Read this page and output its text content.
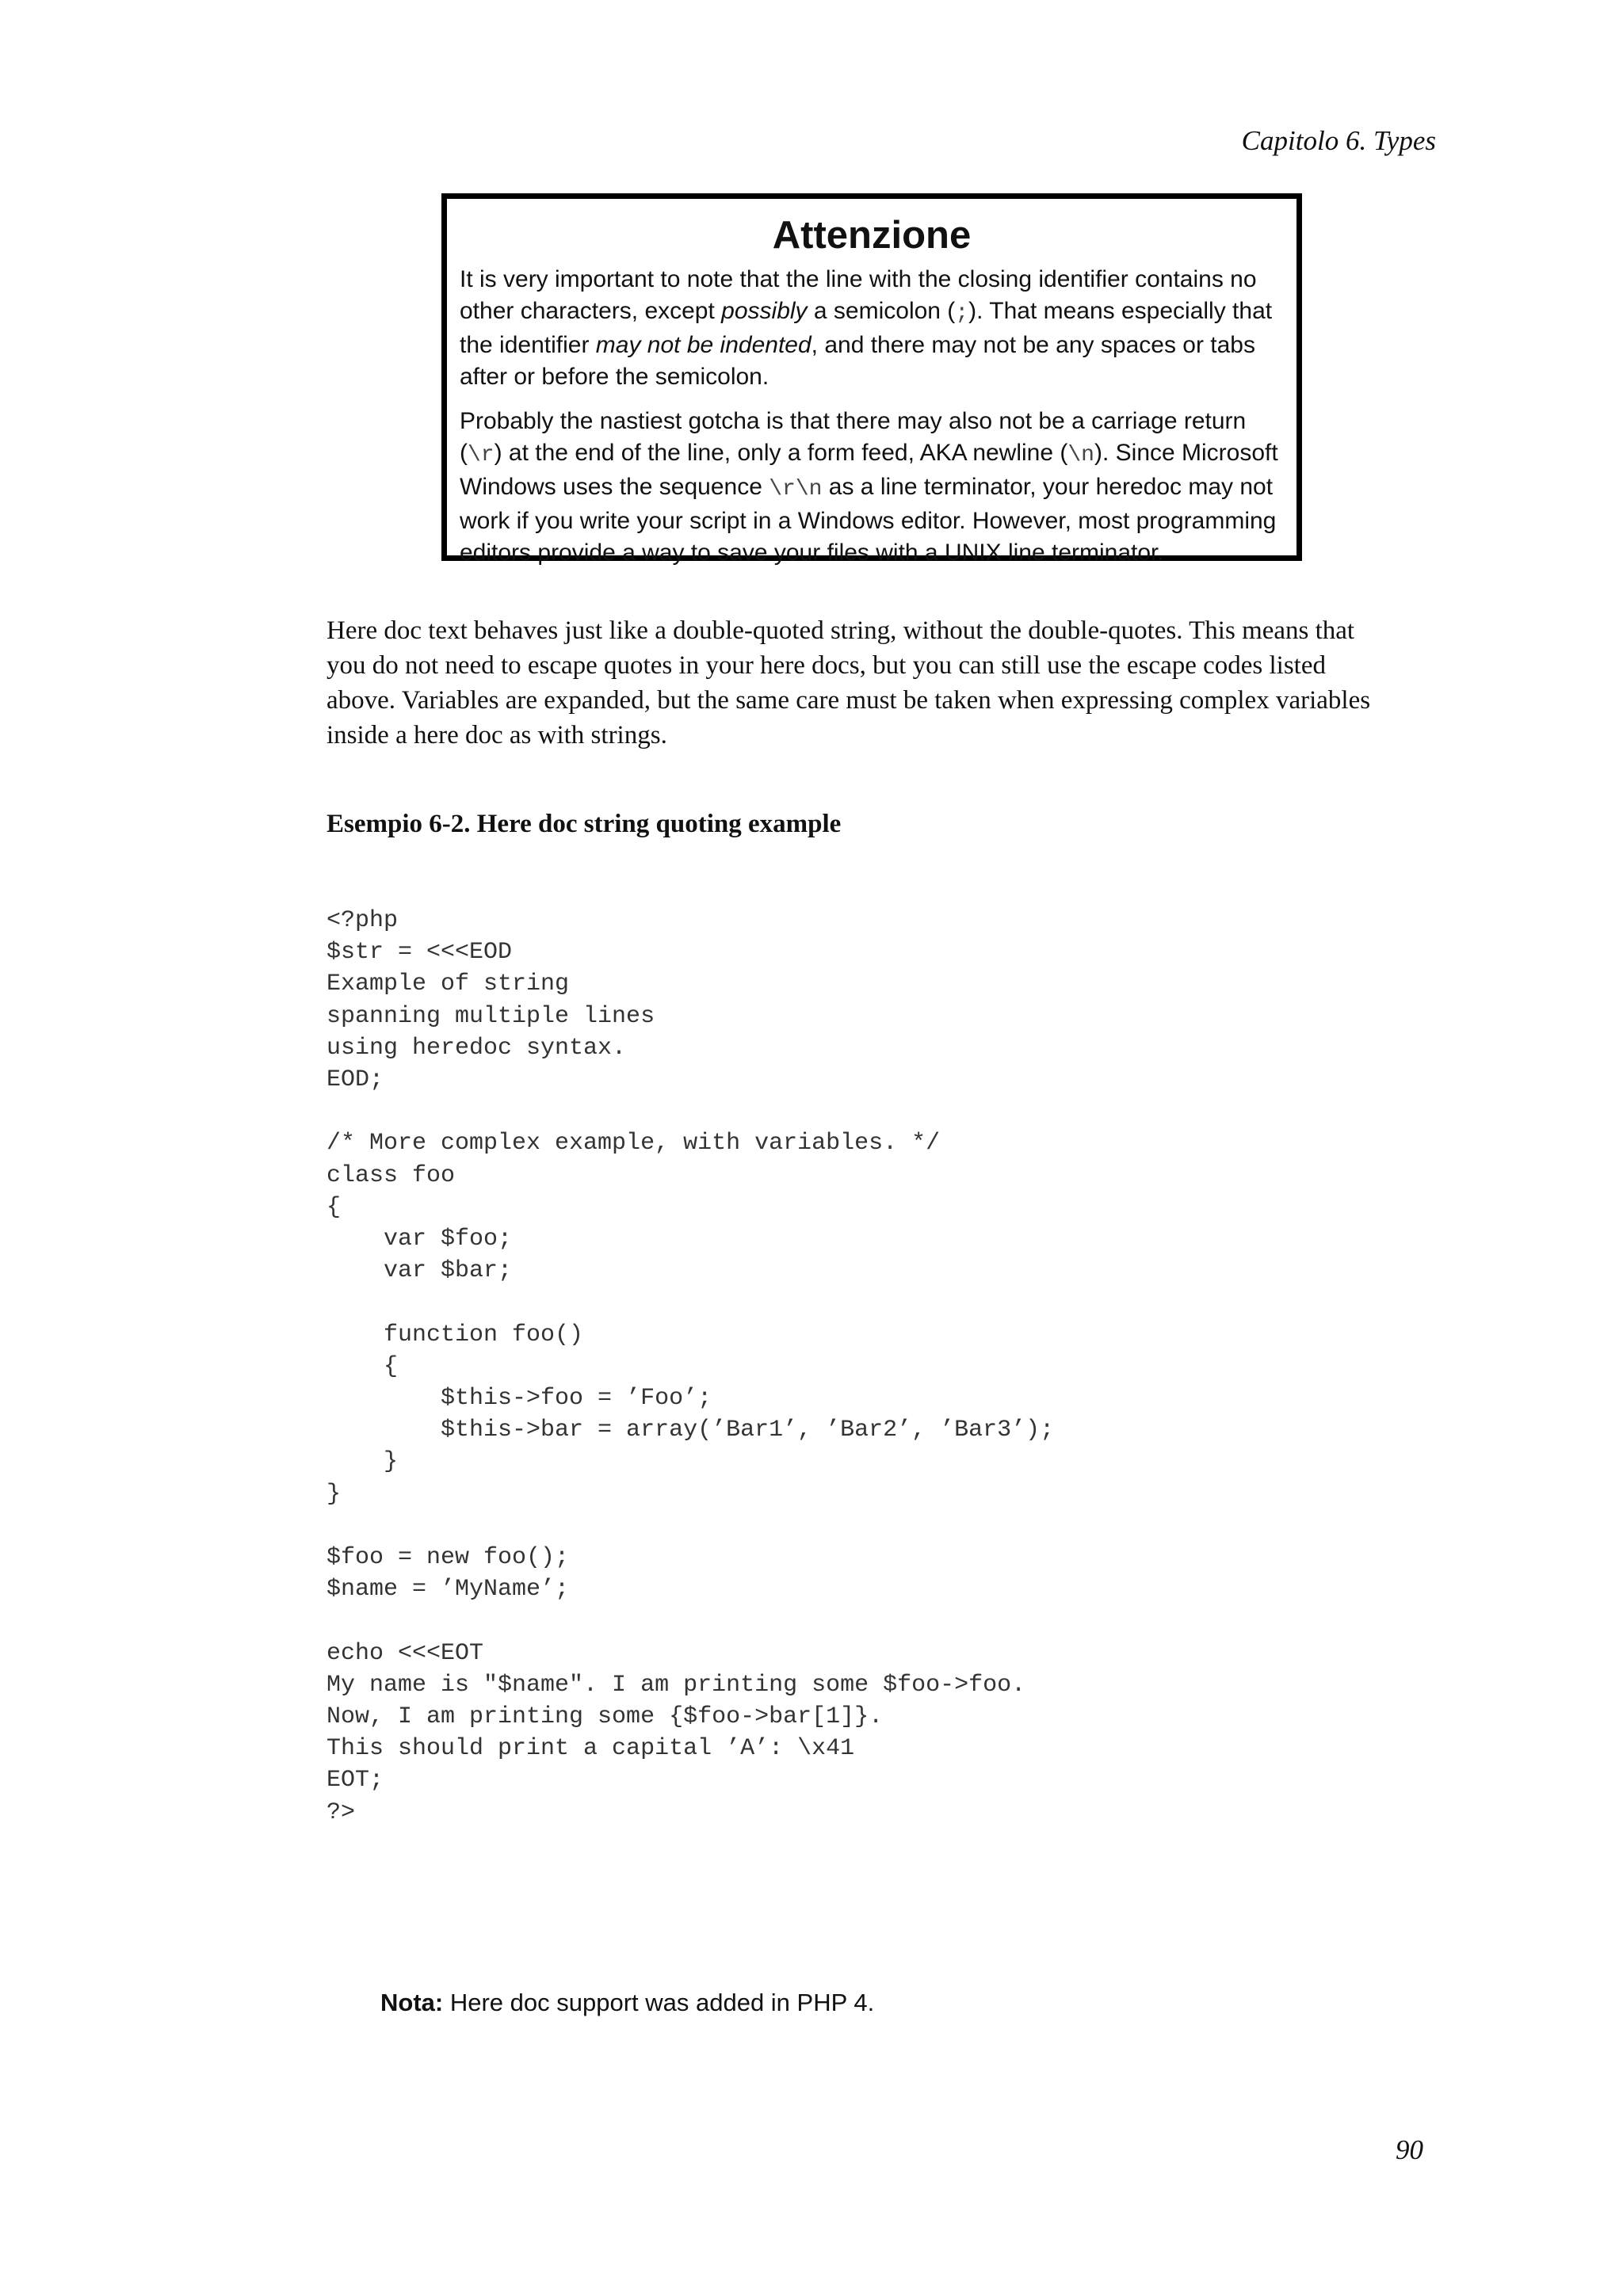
Capitolo 6. Types
Attenzione

It is very important to note that the line with the closing identifier contains no
other characters, except possibly a semicolon (;). That means especially that
the identifier may not be indented, and there may not be any spaces or tabs
after or before the semicolon.

Probably the nastiest gotcha is that there may also not be a carriage return
(\r) at the end of the line, only a form feed, AKA newline (\n). Since Microsoft
Windows uses the sequence \r\n as a line terminator, your heredoc may not
work if you write your script in a Windows editor. However, most programming
editors provide a way to save your files with a UNIX line terminator.

Here doc text behaves just like a double-quoted string, without the double-quotes. This means that
you do not need to escape quotes in your here docs, but you can still use the escape codes listed
above. Variables are expanded, but the same care must be taken when expressing complex variables
inside a here doc as with strings.

Esempio 6-2. Here doc string quoting example
<?php
$str = <<<EOD
Example of string
spanning multiple lines
using heredoc syntax.
EOD;

/* More complex example, with variables. */
class foo
{
var $foo;
var $bar;

function foo()
{
$this->foo = ’Foo’;
$this->bar = array(’Bar1’, ’Bar2’, ’Bar3’);
}
}

$foo = new foo();
$name = ’MyName’;

echo <<<EOT
My name is "$name". I am printing some $foo->foo.
Now, I am printing some {$foo->bar[1]}.
This should print a capital ’A’: \x41
EOT;
?>

Nota: Here doc support was added in PHP 4.

90
